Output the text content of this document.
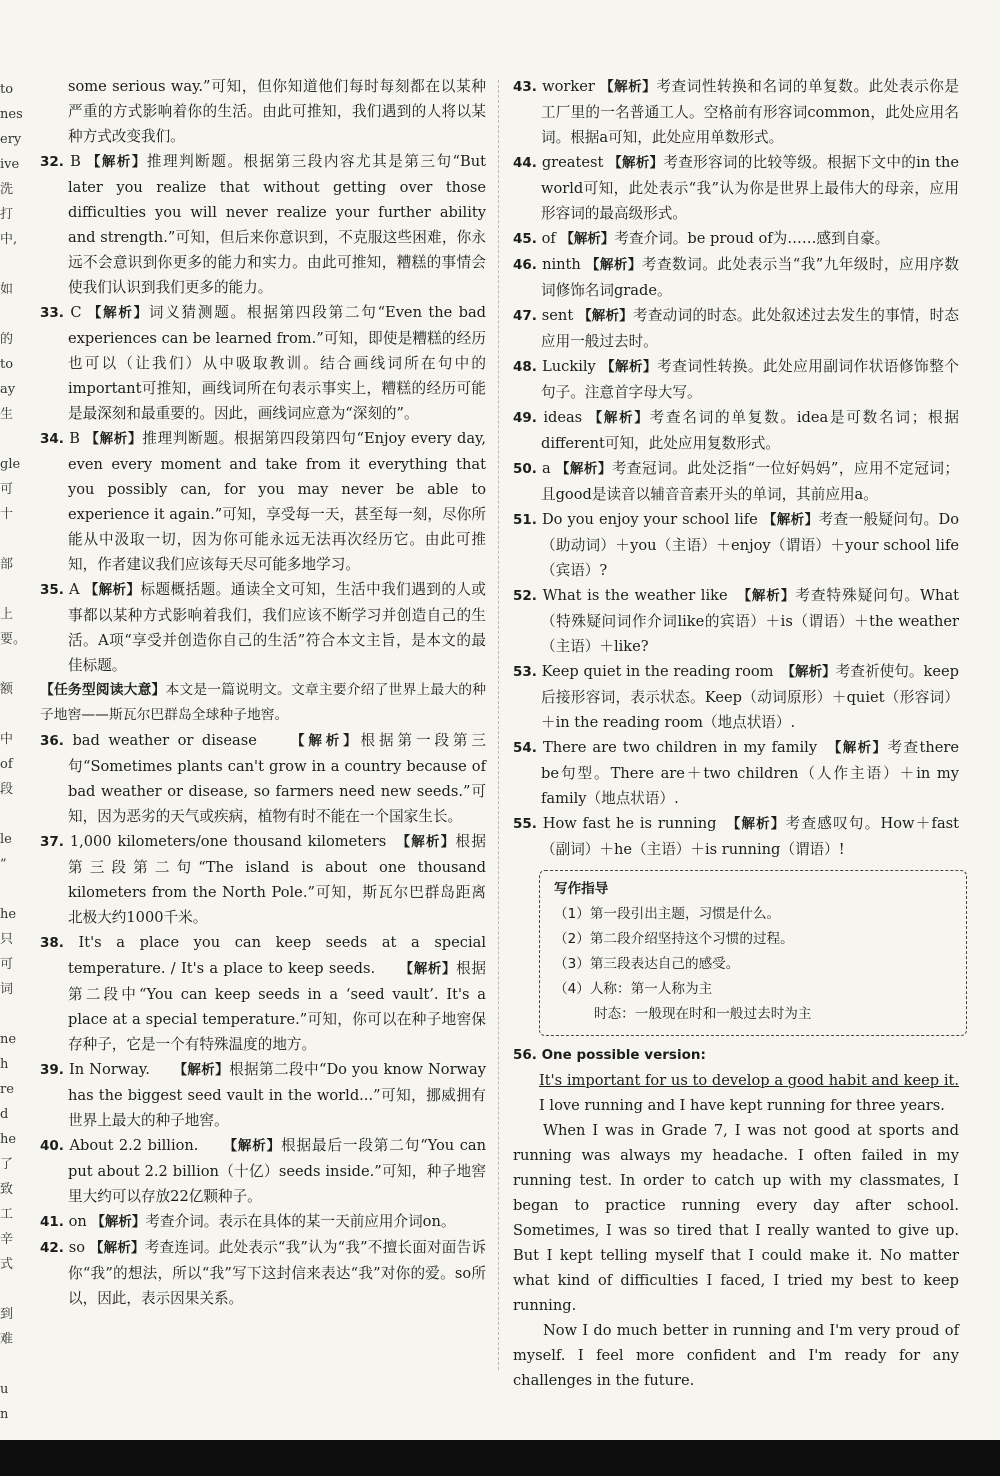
to
nes
ery
ive
洗
打
中,

如

的
to
ay
生

gle
可
十

部

上
要。

额

中
of
段

le
”

he
只
可
词

ne
h
re
d
he
了
致
工
辛
式

到
难

u
n
some serious way.”可知，但你知道他们每时每刻都在以某种严重的方式影响着你的生活。由此可推知，我们遇到的人将以某种方式改变我们。
32. B 【解析】推理判断题。根据第三段内容尤其是第三句“But later you realize that without getting over those difficulties you will never realize your further ability and strength.”可知，但后来你意识到，不克服这些困难，你永远不会意识到你更多的能力和实力。由此可推知，糟糕的事情会使我们认识到我们更多的能力。
33. C 【解析】词义猜测题。根据第四段第二句“Even the bad experiences can be learned from.”可知，即使是糟糕的经历也可以（让我们）从中吸取教训。结合画线词所在句中的important可推知，画线词所在句表示事实上，糟糕的经历可能是最深刻和最重要的。因此，画线词应意为“深刻的”。
34. B 【解析】推理判断题。根据第四段第四句“Enjoy every day, even every moment and take from it everything that you possibly can, for you may never be able to experience it again.”可知，享受每一天，甚至每一刻，尽你所能从中汲取一切，因为你可能永远无法再次经历它。由此可推知，作者建议我们应该每天尽可能多地学习。
35. A 【解析】标题概括题。通读全文可知，生活中我们遇到的人或事都以某种方式影响着我们，我们应该不断学习并创造自己的生活。A项“享受并创造你自己的生活”符合本文主旨，是本文的最佳标题。
【任务型阅读大意】本文是一篇说明文。文章主要介绍了世界上最大的种子地窖——斯瓦尔巴群岛全球种子地窖。
36. bad weather or disease　　【解析】根据第一段第三句“Sometimes plants can't grow in a country because of bad weather or disease, so farmers need new seeds.”可知，因为恶劣的天气或疾病，植物有时不能在一个国家生长。
37. 1,000 kilometers/one thousand kilometers　【解析】根据第三段第二句“The island is about one thousand kilometers from the North Pole.”可知，斯瓦尔巴群岛距离北极大约1000千米。
38. It's a place you can keep seeds at a special temperature. / It's a place to keep seeds.　　【解析】根据第二段中“You can keep seeds in a ‘seed vault’. It's a place at a special temperature.”可知，你可以在种子地窖保存种子，它是一个有特殊温度的地方。
39. In Norway.　　【解析】根据第二段中“Do you know Norway has the biggest seed vault in the world...”可知，挪威拥有世界上最大的种子地窖。
40. About 2.2 billion.　　【解析】根据最后一段第二句“You can put about 2.2 billion（十亿）seeds inside.”可知，种子地窖里大约可以存放22亿颗种子。
41. on 【解析】考查介词。表示在具体的某一天前应用介词on。
42. so 【解析】考查连词。此处表示“我”认为“我”不擅长面对面告诉你“我”的想法，所以“我”写下这封信来表达“我”对你的爱。so所以，因此，表示因果关系。
43. worker 【解析】考查词性转换和名词的单复数。此处表示你是工厂里的一名普通工人。空格前有形容词common，此处应用名词。根据a可知，此处应用单数形式。
44. greatest 【解析】考查形容词的比较等级。根据下文中的in the world可知，此处表示“我”认为你是世界上最伟大的母亲，应用形容词的最高级形式。
45. of 【解析】考查介词。be proud of为……感到自豪。
46. ninth 【解析】考查数词。此处表示当“我”九年级时，应用序数词修饰名词grade。
47. sent 【解析】考查动词的时态。此处叙述过去发生的事情，时态应用一般过去时。
48. Luckily 【解析】考查词性转换。此处应用副词作状语修饰整个句子。注意首字母大写。
49. ideas 【解析】考查名词的单复数。idea是可数名词；根据different可知，此处应用复数形式。
50. a 【解析】考查冠词。此处泛指“一位好妈妈”，应用不定冠词；且good是读音以辅音音素开头的单词，其前应用a。
51. Do you enjoy your school life 【解析】考查一般疑问句。Do（助动词）＋you（主语）＋enjoy（谓语）＋your school life（宾语）?
52. What is the weather like　【解析】考查特殊疑问句。What（特殊疑问词作介词like的宾语）＋is（谓语）＋the weather（主语）＋like?
53. Keep quiet in the reading room　【解析】考查祈使句。keep后接形容词，表示状态。Keep（动词原形）＋quiet（形容词）＋in the reading room（地点状语）.
54. There are two children in my family　【解析】考查there be句型。There are＋two children（人作主语）＋in my family（地点状语）.
55. How fast he is running　【解析】考查感叹句。How＋fast（副词）＋he（主语）＋is running（谓语）!
写作指导
（1）第一段引出主题，习惯是什么。
（2）第二段介绍坚持这个习惯的过程。
（3）第三段表达自己的感受。
（4）人称：第一人称为主
时态：一般现在时和一般过去时为主

56. One possible version:

It's important for us to develop a good habit and keep it. I love running and I have kept running for three years.

When I was in Grade 7, I was not good at sports and running was always my headache. I often failed in my running test. In order to catch up with my classmates, I began to practice running every day after school. Sometimes, I was so tired that I really wanted to give up. But I kept telling myself that I could make it. No matter what kind of difficulties I faced, I tried my best to keep running.

Now I do much better in running and I'm very proud of myself. I feel more confident and I'm ready for any challenges in the future.
